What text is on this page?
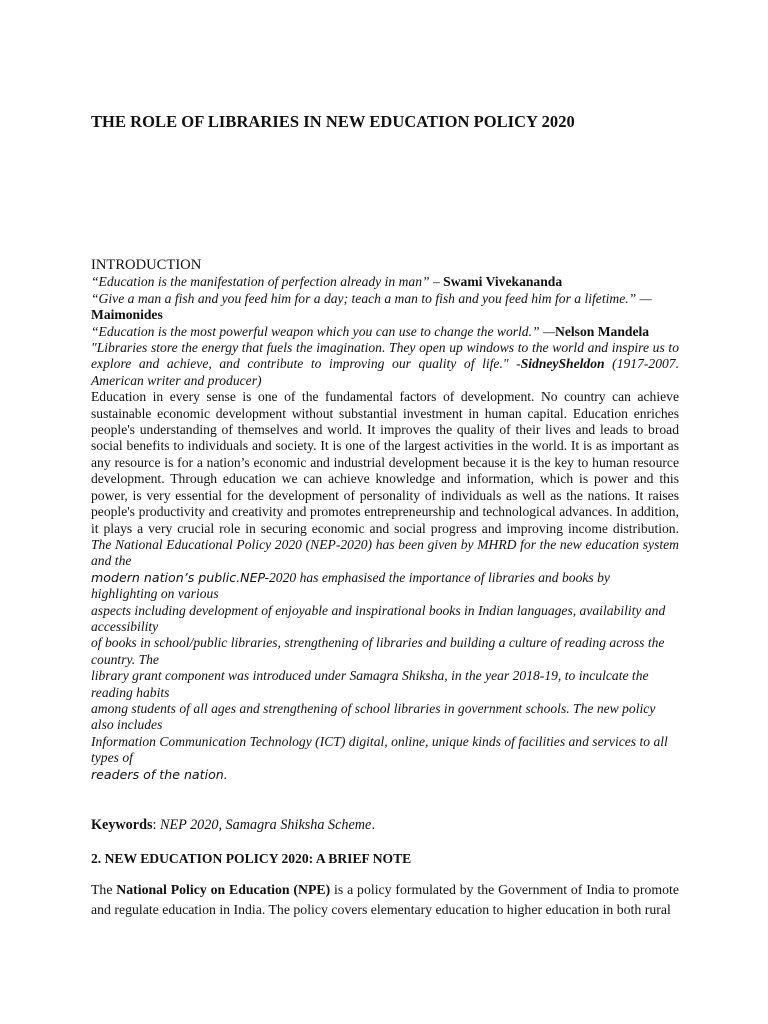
THE ROLE OF LIBRARIES IN NEW EDUCATION POLICY 2020
INTRODUCTION

“Education is the manifestation of perfection already in man” – Swami Vivekananda

“Give a man a fish and you feed him for a day; teach a man to fish and you feed him for a lifetime.” —
Maimonides

“Education is the most powerful weapon which you can use to change the world.” —Nelson Mandela

"Libraries store the energy that fuels the imagination. They open up windows to the world and inspire us to explore and achieve, and contribute to improving our quality of life." -SidneySheldon (1917-2007. American writer and producer)

Education in every sense is one of the fundamental factors of development. No country can achieve sustainable economic development without substantial investment in human capital. Education enriches people's understanding of themselves and world. It improves the quality of their lives and leads to broad social benefits to individuals and society. It is one of the largest activities in the world. It is as important as any resource is for a nation’s economic and industrial development because it is the key to human resource development. Through education we can achieve knowledge and information, which is power and this power, is very essential for the development of personality of individuals as well as the nations. It raises people's productivity and creativity and promotes entrepreneurship and technological advances. In addition, it plays a very crucial role in securing economic and social progress and improving income distribution. The National Educational Policy 2020 (NEP-2020) has been given by MHRD for the new education system and the

modern nation’s public.NEP-2020 has emphasised the importance of libraries and books by highlighting on various

aspects including development of enjoyable and inspirational books in Indian languages, availability and accessibility

of books in school/public libraries, strengthening of libraries and building a culture of reading across the country. The

library grant component was introduced under Samagra Shiksha, in the year 2018-19, to inculcate the reading habits

among students of all ages and strengthening of school libraries in government schools. The new policy also includes

Information Communication Technology (ICT) digital, online, unique kinds of facilities and services to all types of

readers of the nation.

Keywords: NEP 2020, Samagra Shiksha Scheme.
2. NEW EDUCATION POLICY 2020: A BRIEF NOTE

The National Policy on Education (NPE) is a policy formulated by the Government of India to promote and regulate education in India. The policy covers elementary education to higher education in both rural
